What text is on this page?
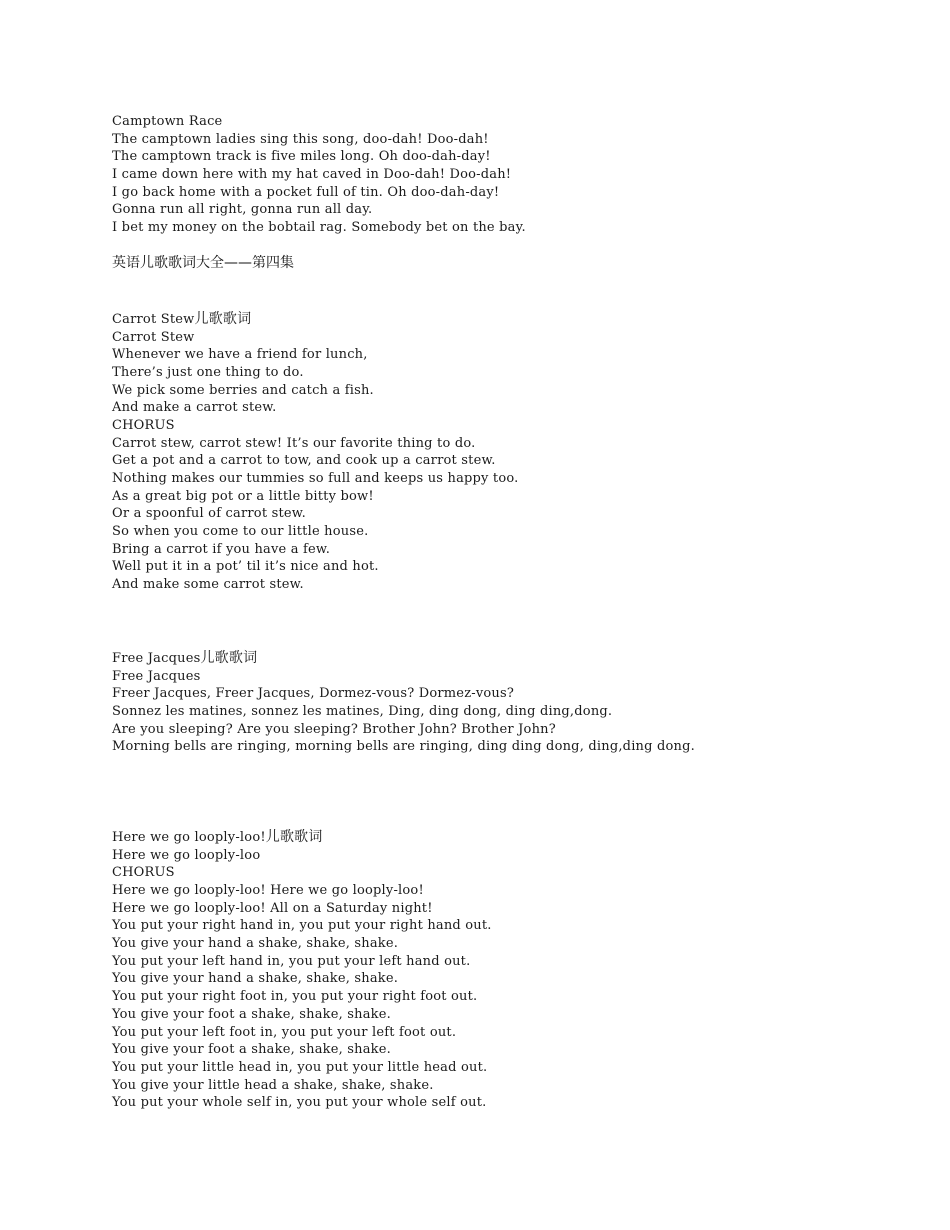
Camptown Race
The camptown ladies sing this song, doo-dah! Doo-dah!
The camptown track is five miles long. Oh doo-dah-day!
I came down here with my hat caved in Doo-dah! Doo-dah!
I go back home with a pocket full of tin. Oh doo-dah-day!
Gonna run all right, gonna run all day.
I bet my money on the bobtail rag. Somebody bet on the bay.
英语儿歌歌词大全——第四集
Carrot Stew儿歌歌词
Carrot Stew
Whenever we have a friend for lunch,
There’s just one thing to do.
We pick some berries and catch a fish.
And make a carrot stew.
CHORUS
Carrot stew, carrot stew! It’s our favorite thing to do.
Get a pot and a carrot to tow, and cook up a carrot stew.
Nothing makes our tummies so full and keeps us happy too.
As a great big pot or a little bitty bow!
Or a spoonful of carrot stew.
So when you come to our little house.
Bring a carrot if you have a few.
Well put it in a pot’ til it’s nice and hot.
And make some carrot stew.
Free Jacques儿歌歌词
Free Jacques
Freer Jacques, Freer Jacques, Dormez-vous? Dormez-vous?
Sonnez les matines, sonnez les matines, Ding, ding dong, ding ding,dong.
Are you sleeping? Are you sleeping? Brother John? Brother John?
Morning bells are ringing, morning bells are ringing, ding ding dong, ding,ding dong.
Here we go looply-loo!儿歌歌词
Here we go looply-loo
CHORUS
Here we go looply-loo! Here we go looply-loo!
Here we go looply-loo! All on a Saturday night!
You put your right hand in, you put your right hand out.
You give your hand a shake, shake, shake.
You put your left hand in, you put your left hand out.
You give your hand a shake, shake, shake.
You put your right foot in, you put your right foot out.
You give your foot a shake, shake, shake.
You put your left foot in, you put your left foot out.
You give your foot a shake, shake, shake.
You put your little head in, you put your little head out.
You give your little head a shake, shake, shake.
You put your whole self in, you put your whole self out.
